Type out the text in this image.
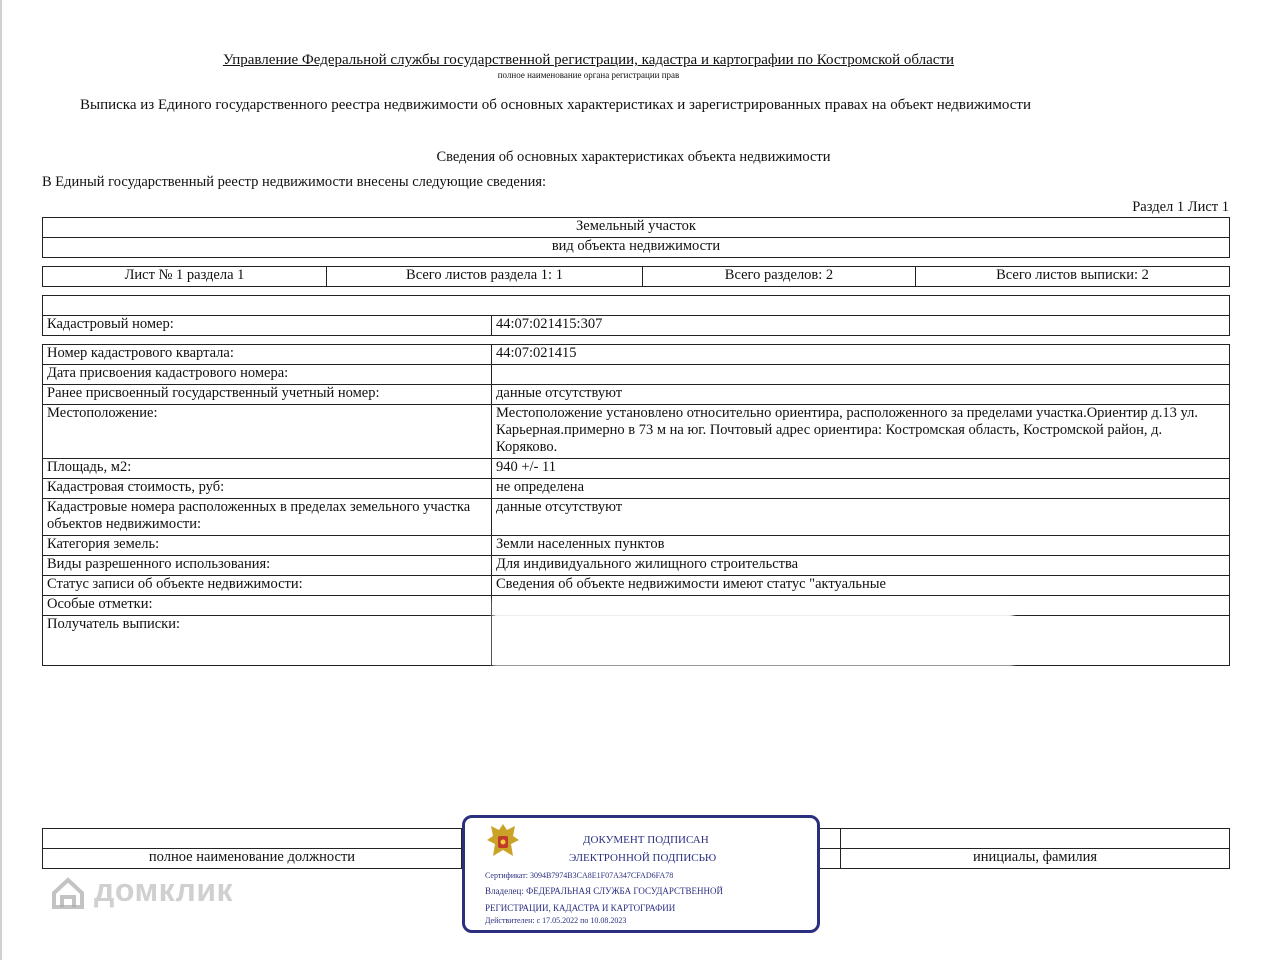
Управление Федеральной службы государственной регистрации, кадастра и картографии по Костромской области
полное наименование органа регистрации прав
Выписка из Единого государственного реестра недвижимости об основных характеристиках и зарегистрированных правах на объект недвижимости
Сведения об основных характеристиках объекта недвижимости
В Единый государственный реестр недвижимости внесены следующие сведения:
Раздел 1 Лист 1
Земельный участок
вид объекта недвижимости
Лист № 1 раздела 1	Всего листов раздела 1: 1	Всего разделов: 2	Всего листов выписки: 2

Кадастровый номер:	44:07:021415:307
Номер кадастрового квартала:	44:07:021415
Дата присвоения кадастрового номера:	
Ранее присвоенный государственный учетный номер:	данные отсутствуют
Местоположение:	Местоположение установлено относительно ориентира, расположенного за пределами участка.Ориентир д.13 ул. Карьерная.примерно в 73 м на юг. Почтовый адрес ориентира: Костромская область, Костромской район, д. Коряково.
Площадь, м2:	940 +/- 11
Кадастровая стоимость, руб:	не определена
Кадастровые номера расположенных в пределах земельного участка объектов недвижимости:	данные отсутствуют
Категория земель:	Земли населенных пунктов
Виды разрешенного использования:	Для индивидуального жилищного строительства
Статус записи об объекте недвижимости:	Сведения об объекте недвижимости имеют статус "актуальные
Особые отметки:	
Получатель выписки:	

полное наименование должности		инициалы, фамилия
ДОКУМЕНТ ПОДПИСАН
ЭЛЕКТРОННОЙ ПОДПИСЬЮ
Сертификат: 3094B7974B3CA8E1F07A347CFAD6FA78
Владелец: ФЕДЕРАЛЬНАЯ СЛУЖБА ГОСУДАРСТВЕННОЙ
РЕГИСТРАЦИИ, КАДАСТРА И КАРТОГРАФИИ
Действителен: с 17.05.2022 по 10.08.2023
домклик
